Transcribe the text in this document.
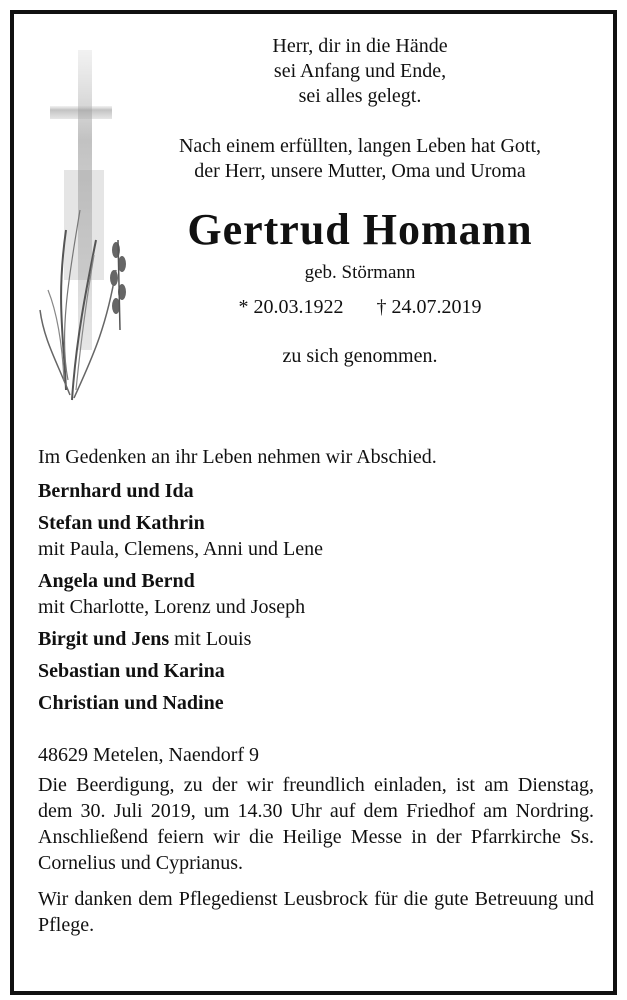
Herr, dir in die Hände
sei Anfang und Ende,
sei alles gelegt.
Nach einem erfüllten, langen Leben hat Gott,
der Herr, unsere Mutter, Oma und Uroma
Gertrud Homann
geb. Störmann
* 20.03.1922 † 24.07.2019
zu sich genommen.
Im Gedenken an ihr Leben nehmen wir Abschied.
Bernhard und Ida
Stefan und Kathrin
mit Paula, Clemens, Anni und Lene
Angela und Bernd
mit Charlotte, Lorenz und Joseph
Birgit und Jens mit Louis
Sebastian und Karina
Christian und Nadine
48629 Metelen, Naendorf 9
Die Beerdigung, zu der wir freundlich einladen, ist am Dienstag, dem 30. Juli 2019, um 14.30 Uhr auf dem Friedhof am Nordring. Anschließend feiern wir die Heilige Messe in der Pfarrkirche Ss. Cornelius und Cyprianus.
Wir danken dem Pflegedienst Leusbrock für die gute Betreuung und Pflege.
